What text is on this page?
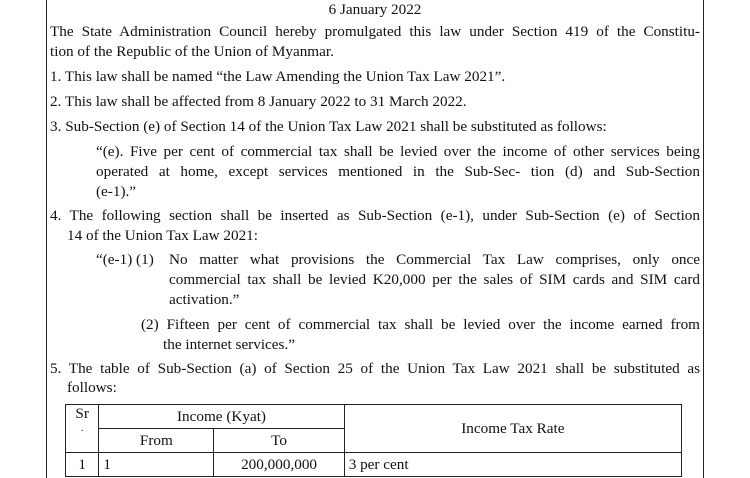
6 January 2022
The State Administration Council hereby promulgated this law under Section 419 of the Constitu-
tion of the Republic of the Union of Myanmar.
1. This law shall be named “the Law Amending the Union Tax Law 2021”.
2. This law shall be affected from 8 January 2022 to 31 March 2022.
3. Sub-Section (e) of Section 14 of the Union Tax Law 2021 shall be substituted as follows:
“(e). Five per cent of commercial tax shall be levied over the income of other services being
operated at home, except services mentioned in the Sub-Sec- tion (d) and Sub-Section
(e-1).”
4. The following section shall be inserted as Sub-Section (e-1), under Sub-Section (e) of Section
14 of the Union Tax Law 2021:
“(e-1) (1)	No matter what provisions the Commercial Tax Law comprises, only once
commercial tax shall be levied K20,000 per the sales of SIM cards and SIM card
activation.”
(2) Fifteen per cent of commercial tax shall be levied over the income earned from
the internet services.”
5. The table of Sub-Section (a) of Section 25 of the Union Tax Law 2021 shall be substituted as
follows:
Sr
.	Income (Kyat)		Income Tax Rate
	From	To	
1	1	200,000,000	3 per cent
